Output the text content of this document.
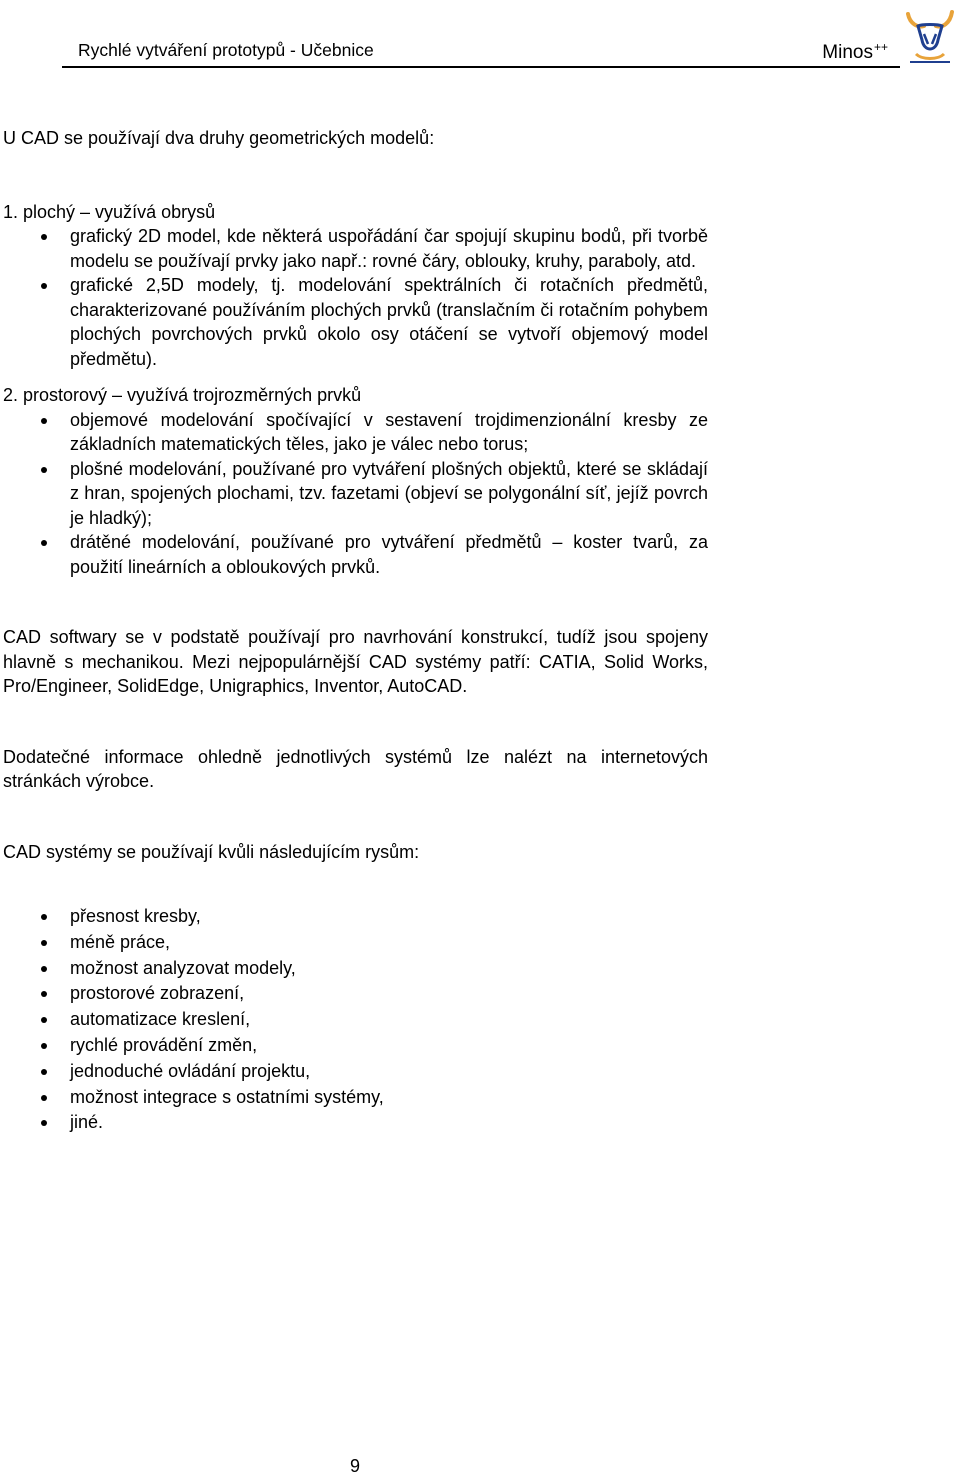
Rychlé vytváření prototypů - Učebnice	Minos++

U CAD se používají dva druhy geometrických modelů:

1. plochý – využívá obrysů

grafický 2D model, kde některá uspořádání čar spojují skupinu bodů, při tvorbě modelu se používají prvky jako např.: rovné čáry, oblouky, kruhy, paraboly, atd.
grafické 2,5D modely, tj. modelování spektrálních či rotačních předmětů, charakterizované používáním plochých prvků (translačním či rotačním pohybem plochých povrchových prvků okolo osy otáčení se vytvoří objemový model předmětu).

2. prostorový – využívá trojrozměrných prvků

objemové modelování spočívající v sestavení trojdimenzionální kresby ze základních matematických těles, jako je válec nebo torus;
plošné modelování, používané pro vytváření plošných objektů, které se skládají z hran, spojených plochami, tzv. fazetami (objeví se polygonální síť, jejíž povrch je hladký);
drátěné modelování, používané pro vytváření předmětů – koster tvarů, za použití lineárních a obloukových prvků.

CAD softwary se v podstatě používají pro navrhování konstrukcí, tudíž jsou spojeny hlavně s mechanikou. Mezi nejpopulárnější CAD systémy patří: CATIA, Solid Works, Pro/Engineer, SolidEdge, Unigraphics, Inventor, AutoCAD.

Dodatečné informace ohledně jednotlivých systémů lze nalézt na internetových stránkách výrobce.

CAD systémy se používají kvůli následujícím rysům:

přesnost kresby,
méně práce,
možnost analyzovat modely,
prostorové zobrazení,
automatizace kreslení,
rychlé provádění změn,
jednoduché ovládání projektu,
možnost integrace s ostatními systémy,
jiné.
9
